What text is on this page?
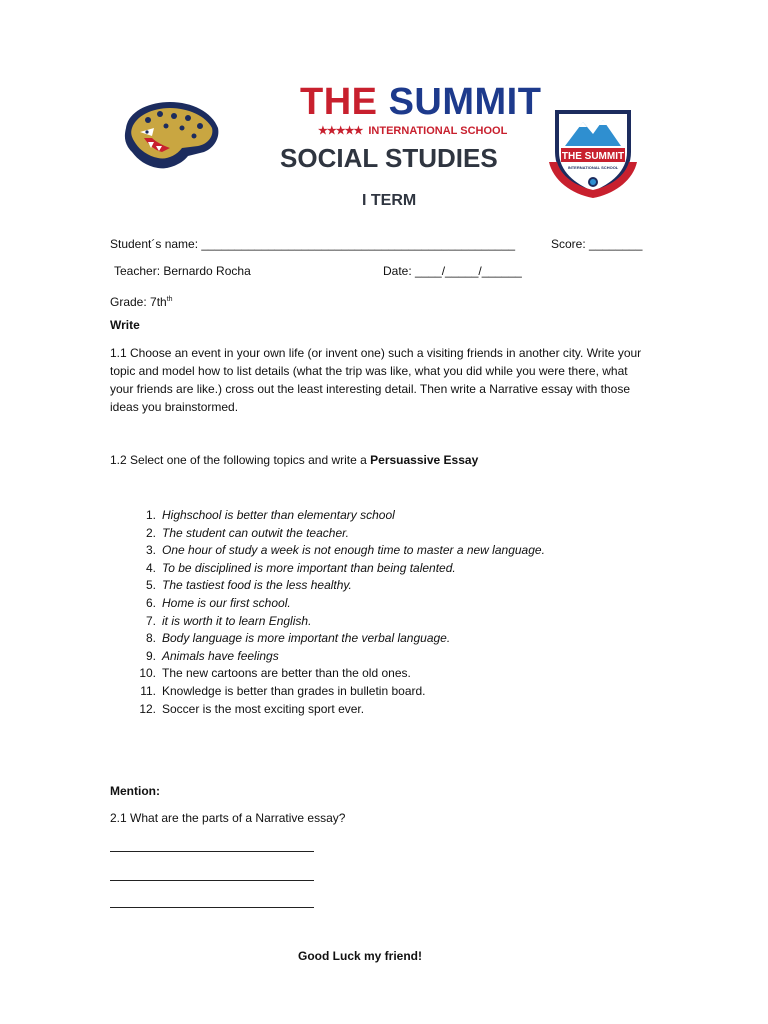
THE SUMMIT
★★★★★ INTERNATIONAL SCHOOL
SOCIAL STUDIES
I TERM
THE SUMMIT
INTERNATIONAL SCHOOL
Student´s name: _______________________________________________	Score: ________
Teacher: Bernardo Rocha	Date: ____/_____/______
Grade: $7th^{th}$
Write
1.1 Choose an event in your own life (or invent one) such a visiting friends in another city. Write your topic and model how to list details (what the trip was like, what you did while you were there, what your friends are like.) cross out the least interesting detail. Then write a Narrative essay with those ideas you brainstormed.
1.2 Select one of the following topics and write a Persuassive Essay
1. Highschool is better than elementary school
2. The student can outwit the teacher.
3. One hour of study a week is not enough time to master a new language.
4. To be disciplined is more important than being talented.
5. The tastiest food is the less healthy.
6. Home is our first school.
7. it is worth it to learn English.
8. Body language is more important the verbal language.
9. Animals have feelings
10. The new cartoons are better than the old ones.
11. Knowledge is better than grades in bulletin board.
12. Soccer is the most exciting sport ever.
Mention:
2.1 What are the parts of a Narrative essay?
Good Luck my friend!
